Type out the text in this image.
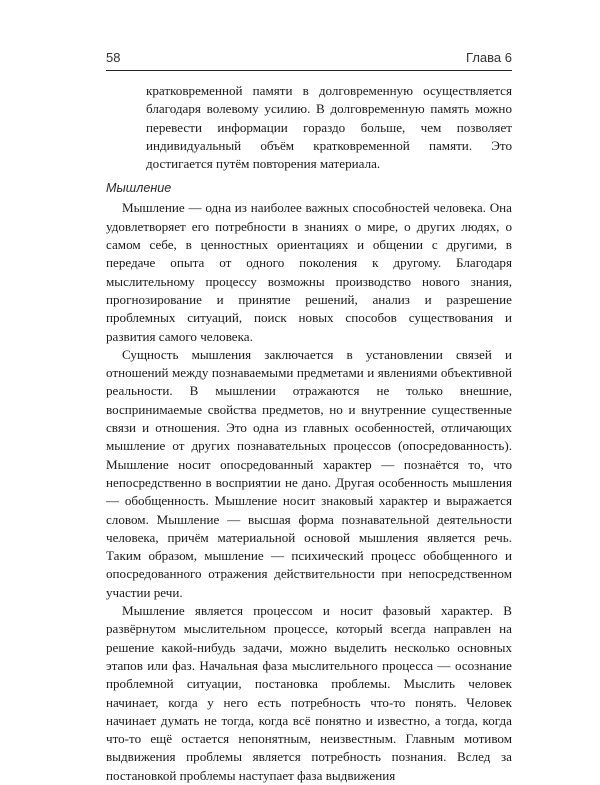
58	Глава 6

кратковременной памяти в долговременную осуществляется благодаря волевому усилию. В долговременную память можно перевести информации гораздо больше, чем позволяет индивидуальный объём кратковременной памяти. Это достигается путём повторения материала.

Мышление

Мышление — одна из наиболее важных способностей человека. Она удовлетворяет его потребности в знаниях о мире, о других людях, о самом себе, в ценностных ориентациях и общении с другими, в передаче опыта от одного поколения к другому. Благодаря мыслительному процессу возможны производство нового знания, прогнозирование и принятие решений, анализ и разрешение проблемных ситуаций, поиск новых способов существования и развития самого человека.

Сущность мышления заключается в установлении связей и отношений между познаваемыми предметами и явлениями объективной реальности. В мышлении отражаются не только внешние, воспринимаемые свойства предметов, но и внутренние существенные связи и отношения. Это одна из главных особенностей, отличающих мышление от других познавательных процессов (опосредованность). Мышление носит опосредованный характер — познаётся то, что непосредственно в восприятии не дано. Другая особенность мышления — обобщенность. Мышление носит знаковый характер и выражается словом. Мышление — высшая форма познавательной деятельности человека, причём материальной основой мышления является речь. Таким образом, мышление — психический процесс обобщенного и опосредованного отражения действительности при непосредственном участии речи.

Мышление является процессом и носит фазовый характер. В развёрнутом мыслительном процессе, который всегда направлен на решение какой-нибудь задачи, можно выделить несколько основных этапов или фаз. Начальная фаза мыслительного процесса — осознание проблемной ситуации, постановка проблемы. Мыслить человек начинает, когда у него есть потребность что-то понять. Человек начинает думать не тогда, когда всё понятно и известно, а тогда, когда что-то ещё остается непонятным, неизвестным. Главным мотивом выдвижения проблемы является потребность познания. Вслед за постановкой проблемы наступает фаза выдвижения
